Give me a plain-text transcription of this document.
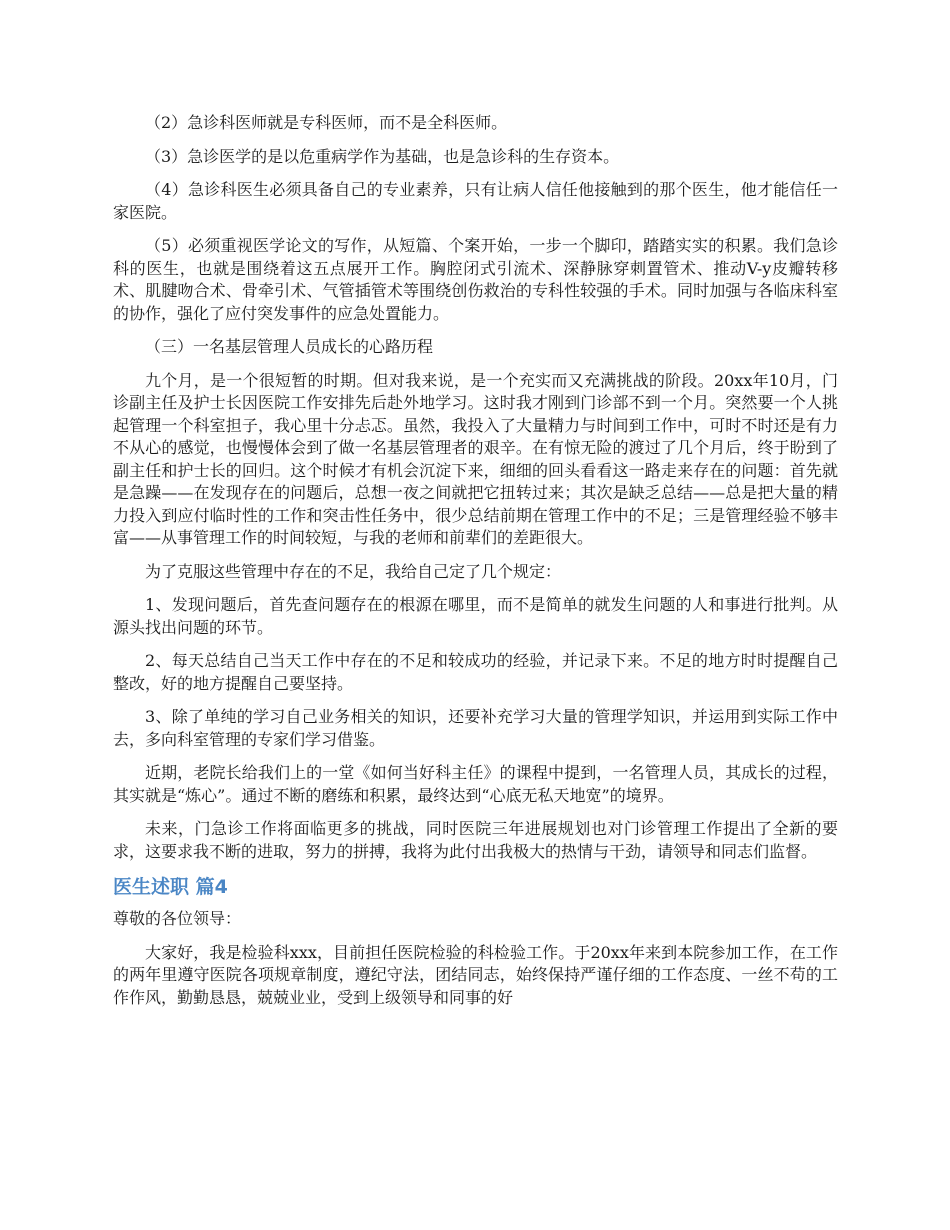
（2）急诊科医师就是专科医师，而不是全科医师。

（3）急诊医学的是以危重病学作为基础，也是急诊科的生存资本。

（4）急诊科医生必须具备自己的专业素养，只有让病人信任他接触到的那个医生，他才能信任一家医院。

（5）必须重视医学论文的写作，从短篇、个案开始，一步一个脚印，踏踏实实的积累。我们急诊科的医生，也就是围绕着这五点展开工作。胸腔闭式引流术、深静脉穿刺置管术、推动V-y皮瓣转移术、肌腱吻合术、骨牵引术、气管插管术等围绕创伤救治的专科性较强的手术。同时加强与各临床科室的协作，强化了应付突发事件的应急处置能力。

（三）一名基层管理人员成长的心路历程

九个月，是一个很短暂的时期。但对我来说，是一个充实而又充满挑战的阶段。20xx年10月，门诊副主任及护士长因医院工作安排先后赴外地学习。这时我才刚到门诊部不到一个月。突然要一个人挑起管理一个科室担子，我心里十分忐忑。虽然，我投入了大量精力与时间到工作中，可时不时还是有力不从心的感觉，也慢慢体会到了做一名基层管理者的艰辛。在有惊无险的渡过了几个月后，终于盼到了副主任和护士长的回归。这个时候才有机会沉淀下来，细细的回头看看这一路走来存在的问题：首先就是急躁——在发现存在的问题后，总想一夜之间就把它扭转过来；其次是缺乏总结——总是把大量的精力投入到应付临时性的工作和突击性任务中，很少总结前期在管理工作中的不足；三是管理经验不够丰富——从事管理工作的时间较短，与我的老师和前辈们的差距很大。

为了克服这些管理中存在的不足，我给自己定了几个规定：

1、发现问题后，首先查问题存在的根源在哪里，而不是简单的就发生问题的人和事进行批判。从源头找出问题的环节。

2、每天总结自己当天工作中存在的不足和较成功的经验，并记录下来。不足的地方时时提醒自己整改，好的地方提醒自己要坚持。

3、除了单纯的学习自己业务相关的知识，还要补充学习大量的管理学知识，并运用到实际工作中去，多向科室管理的专家们学习借鉴。

近期，老院长给我们上的一堂《如何当好科主任》的课程中提到，一名管理人员，其成长的过程，其实就是“炼心”。通过不断的磨练和积累，最终达到“心底无私天地宽”的境界。

未来，门急诊工作将面临更多的挑战，同时医院三年进展规划也对门诊管理工作提出了全新的要求，这要求我不断的进取，努力的拼搏，我将为此付出我极大的热情与干劲，请领导和同志们监督。

医生述职 篇4

尊敬的各位领导：

大家好，我是检验科xxx，目前担任医院检验的科检验工作。于20xx年来到本院参加工作，在工作的两年里遵守医院各项规章制度，遵纪守法，团结同志，始终保持严谨仔细的工作态度、一丝不苟的工作作风，勤勤恳恳，兢兢业业，受到上级领导和同事的好
